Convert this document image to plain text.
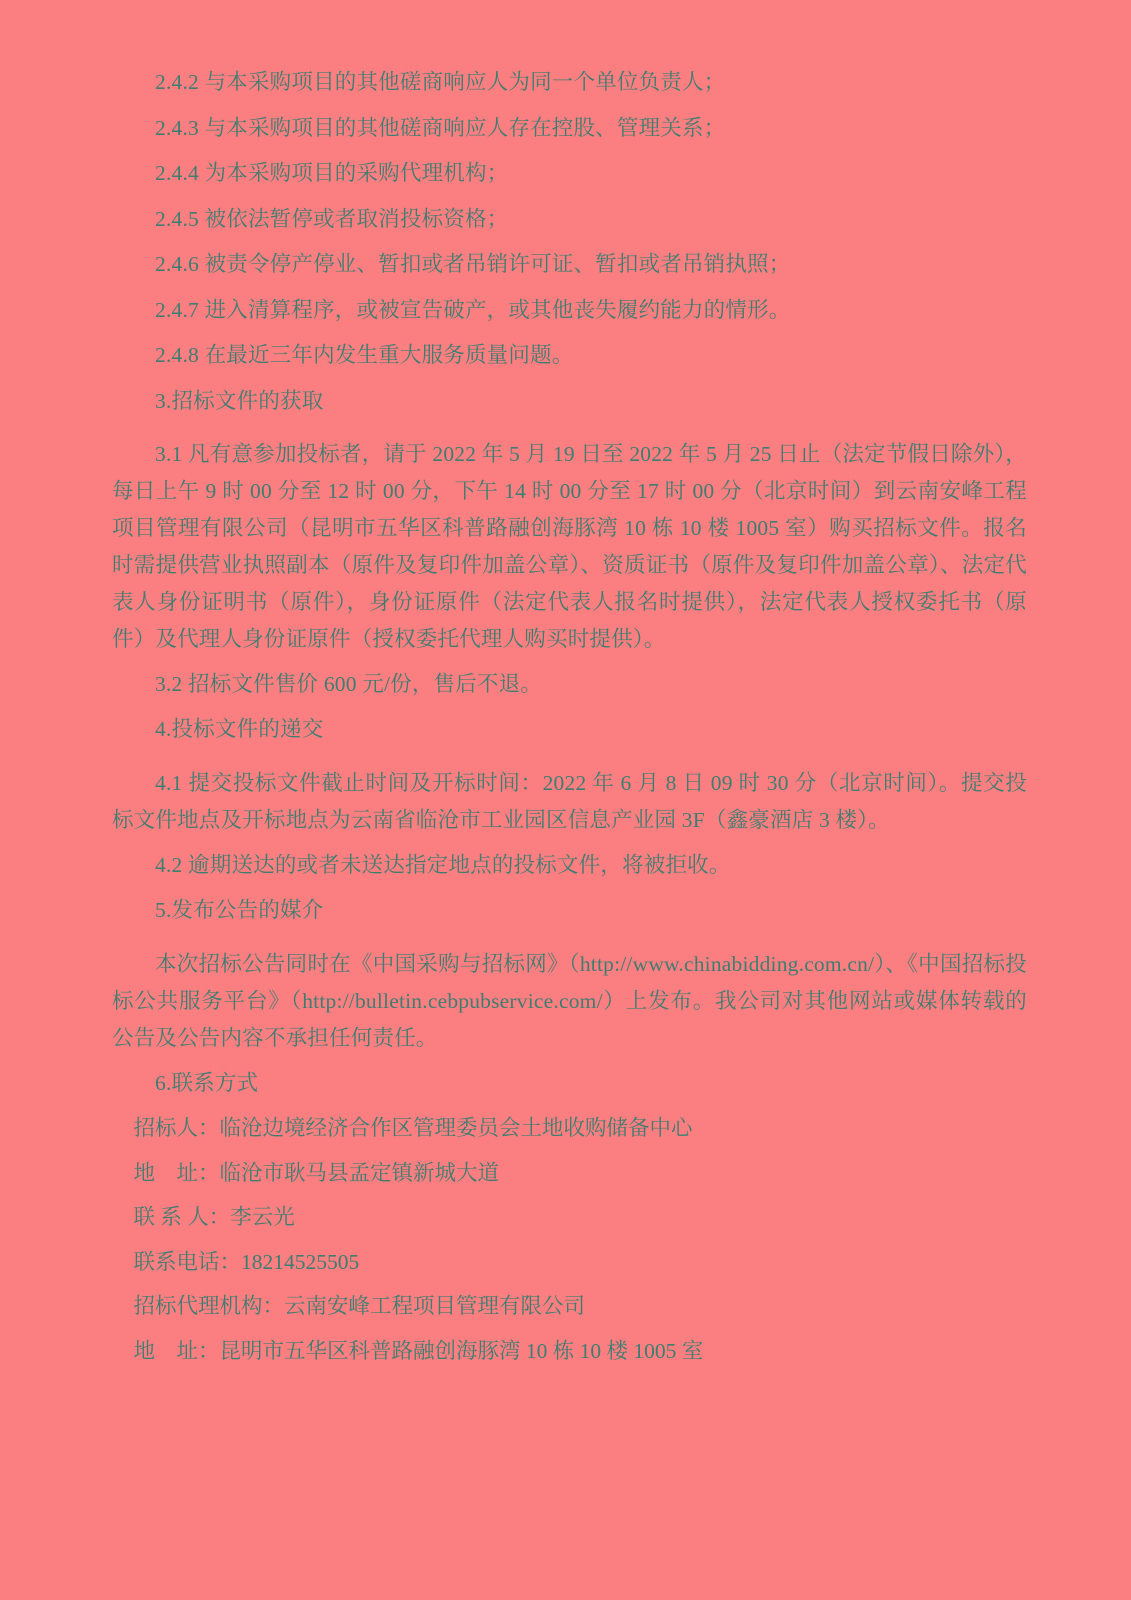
2.4.2 与本采购项目的其他磋商响应人为同一个单位负责人；

2.4.3 与本采购项目的其他磋商响应人存在控股、管理关系；

2.4.4 为本采购项目的采购代理机构；

2.4.5 被依法暂停或者取消投标资格；

2.4.6 被责令停产停业、暂扣或者吊销许可证、暂扣或者吊销执照；

2.4.7 进入清算程序，或被宣告破产，或其他丧失履约能力的情形。

2.4.8 在最近三年内发生重大服务质量问题。

3.招标文件的获取

3.1 凡有意参加投标者，请于 2022 年 5 月 19 日至 2022 年 5 月 25 日止（法定节假日除外），每日上午 9 时 00 分至 12 时 00 分，下午 14 时 00 分至 17 时 00 分（北京时间）到云南安峰工程项目管理有限公司（昆明市五华区科普路融创海豚湾 10 栋 10 楼 1005 室）购买招标文件。报名时需提供营业执照副本（原件及复印件加盖公章）、资质证书（原件及复印件加盖公章）、法定代表人身份证明书（原件），身份证原件（法定代表人报名时提供），法定代表人授权委托书（原件）及代理人身份证原件（授权委托代理人购买时提供）。

3.2 招标文件售价 600 元/份，售后不退。

4.投标文件的递交

4.1 提交投标文件截止时间及开标时间：2022 年 6 月 8 日 09 时 30 分（北京时间）。提交投标文件地点及开标地点为云南省临沧市工业园区信息产业园 3F（鑫豪酒店 3 楼）。

4.2 逾期送达的或者未送达指定地点的投标文件，将被拒收。

5.发布公告的媒介

本次招标公告同时在《中国采购与招标网》（http://www.chinabidding.com.cn/）、《中国招标投标公共服务平台》（http://bulletin.cebpubservice.com/）上发布。我公司对其他网站或媒体转载的公告及公告内容不承担任何责任。

6.联系方式

招标人：临沧边境经济合作区管理委员会土地收购储备中心
地　址：临沧市耿马县孟定镇新城大道
联 系 人：李云光
联系电话：18214525505
招标代理机构：云南安峰工程项目管理有限公司
地　址：昆明市五华区科普路融创海豚湾 10 栋 10 楼 1005 室
